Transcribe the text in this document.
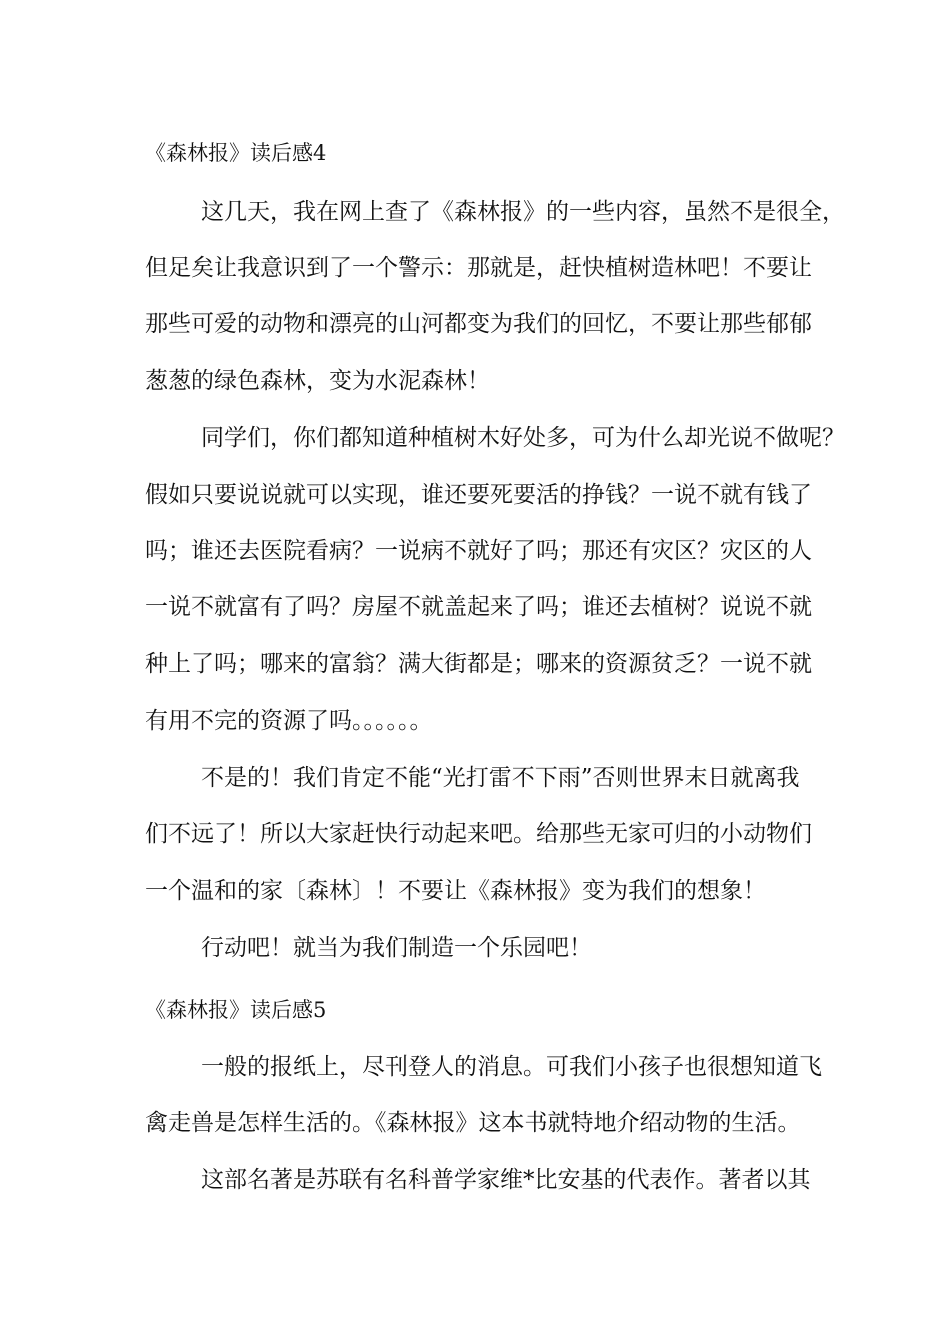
《森林报》读后感4
这几天，我在网上查了《森林报》的一些内容，虽然不是很全，
但足矣让我意识到了一个警示：那就是，赶快植树造林吧！不要让
那些可爱的动物和漂亮的山河都变为我们的回忆，不要让那些郁郁
葱葱的绿色森林，变为水泥森林！
同学们，你们都知道种植树木好处多，可为什么却光说不做呢？
假如只要说说就可以实现，谁还要死要活的挣钱？一说不就有钱了
吗；谁还去医院看病？一说病不就好了吗；那还有灾区？灾区的人
一说不就富有了吗？房屋不就盖起来了吗；谁还去植树？说说不就
种上了吗；哪来的富翁？满大街都是；哪来的资源贫乏？一说不就
有用不完的资源了吗。。。。。。
不是的！我们肯定不能“光打雷不下雨”否则世界末日就离我
们不远了！所以大家赶快行动起来吧。给那些无家可归的小动物们
一个温和的家〔森林〕！不要让《森林报》变为我们的想象！
行动吧！就当为我们制造一个乐园吧！
《森林报》读后感5
一般的报纸上，尽刊登人的消息。可我们小孩子也很想知道飞
禽走兽是怎样生活的。《森林报》这本书就特地介绍动物的生活。
这部名著是苏联有名科普学家维*比安基的代表作。著者以其
